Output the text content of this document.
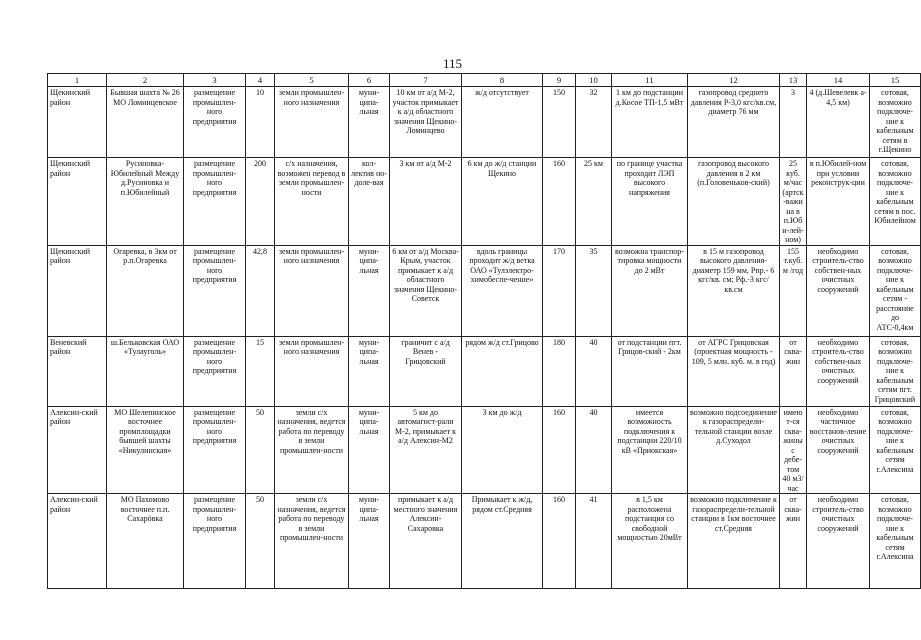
115
1	2	3	4	5	6	7	8	9	10	11	12	13	14	15
Щекинский район	Бывшая шахта № 26 МО Ломинцевское	размещение промышлен-ного предприятия	10	земли промышлен-ного назначения	муни-ципа-льная	10 км от а/д М-2, участок примыкает к а/д областного значения Щекино-Ломинцево	ж/д отсутствует	150	32	1 км до подстанции д.Косое ТП-1,5 мВт	газопровод среднего давления Р-3,0 кгс/кв.см, диаметр 76 мм	3	4 (д.Шевелевк а- 4,5 км)	сотовая, возможно подключе-ние к кабельным сетям в г.Щекино
Щекинский район	Русиновка-Юбилейный Между д.Русиновка и п.Юбилейный	размещение промышлен-ного предприятия	200	с/х назначения, возможен перевод в земли промышлен-ности	кол-лектив но-доле-вая	3 км от а/д М-2	6 км до ж/д станции Щекино	160	25 км	по границе участка проходит ЛЭП высокого напряжения	газопровод высокого давления в 2 км (п.Головеньков-ский)	25 куб. м/час (артск-важина в п.Юби-лей-ном)	в п.Юбилей-ном при условии реконструк-ции	сотовая, возможно подключе-ние к кабельным сетям в пос. Юбилейном
Щекинский район	Огаревка, в 3км от р.п.Огаревка	размещение промышлен-ного предприятия	42,8	земли промышлен-ного назначения	муни-ципа-льная	6 км от а/д Москва-Крым, участок примыкает к а/д областного значения Щекино-Советск	вдоль границы проходит ж/д ветка ОАО «Тулэлектро-химобеспе-чение»	170	35	возможна транспор-тировка мощности до 2 мВт	в 15 м газопровод высокого давления-диаметр 159 мм, Рпр.- 6 кгс/кв. см; Рф.-3 кгс/кв.см	155 т.куб.м /год	необходимо строитель-ство собствен-ных очистных сооружений	сотовая, возможно подключе-ние к кабельным сетям - расстояние до АТС-0,4км
Веневский район	ш.Бельковская ОАО «Тулауголь»	размещение промышлен-ного предприятия	15	земли промышлен-ного назначения	муни-ципа-льная	граничит с а/д Венев - Грицовский	рядом ж/д ст.Грицово	180	40	от подстанции пгт. Грицов-ский - 2км	от АГРС Грицовская (проектная мощность - 109, 5 млн. куб. м. в год)	от сква-жин	необходимо строитель-ство собствен-ных очистных сооружений	сотовая, возможно подключе-ние к кабельным сетям пгт. Грицовский
Алексин-ский район	МО Шелепинское восточнее промплощадки бывшей шахты «Никулинская»	размещение промышлен-ного предприятия	50	земли с/х назначения, ведется работа по переводу в земли промышлен-ности	муни-ципа-льная	5 км до автомагист-рали М-2, примыкает к а/д Алексин-М2	3 км до ж/д	160	40	имеется возможность подключения к подстанции 220/10 кВ «Приокская»	возможно подсоединение к газораспредели-тельной станции возле д.Суходол	имеют-ся сква-жины с дебе-том 40 м3/час	необходимо частичное восстанов-ление очистных сооружений	сотовая, возможно подключе-ние к кабельным сетям г.Алексина
Алексин-ский район	МО Пахомово восточнее п.п. Сахарöвка	размещение промышлен-ного предприятия	50	земли с/х назначения, ведется работа по переводу в земли промышлен-ности	муни-ципа-льная	примыкает к а/д местного значения Алексин-Сахаровка	Примыкает к ж/д, рядом ст.Средняя	160	41	в 1,5 км расположена подстанция со свободной мощностью 20мВт	возможно подключение к газораспредели-тельной станции в 1км восточнее ст.Средняя	от сква-жин	необходимо строитель-ство очистных сооружений	сотовая, возможно подключе-ние к кабельным сетям г.Алексина
